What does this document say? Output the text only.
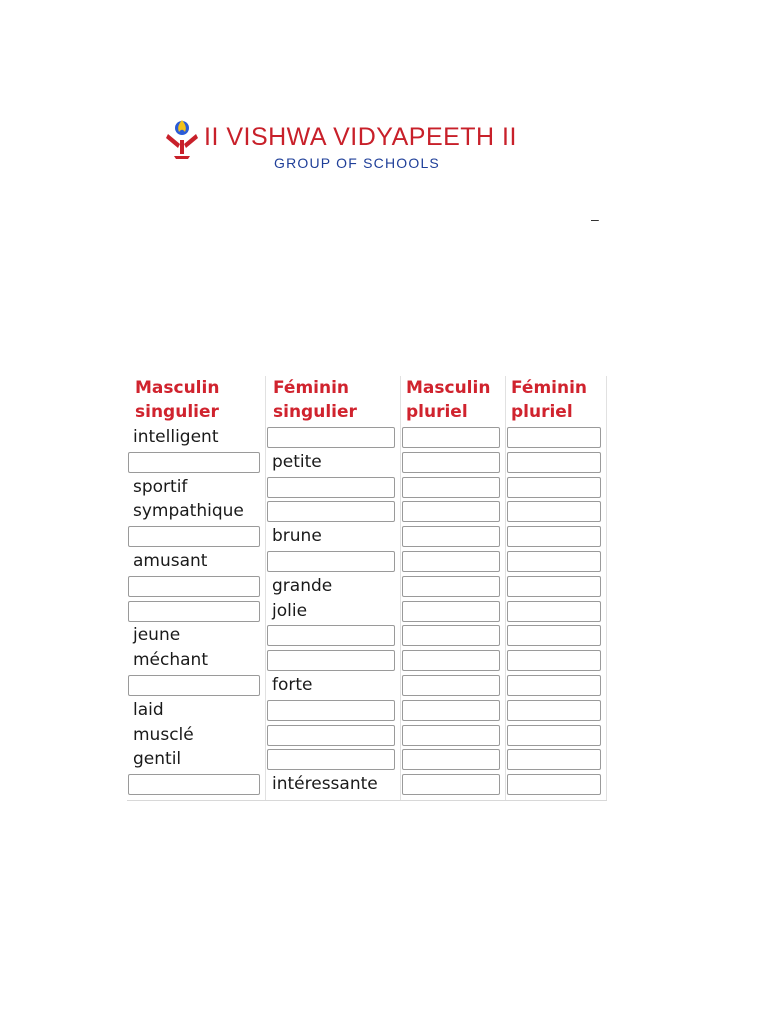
II VISHWA VIDYAPEETH II
GROUP OF SCHOOLS
–
Masculin
singulier
Féminin
singulier
Masculin
pluriel
Féminin
pluriel
intelligent
petite
sportif
sympathique
brune
amusant
grande
jolie
jeune
méchant
forte
laid
musclé
gentil
intéressante
